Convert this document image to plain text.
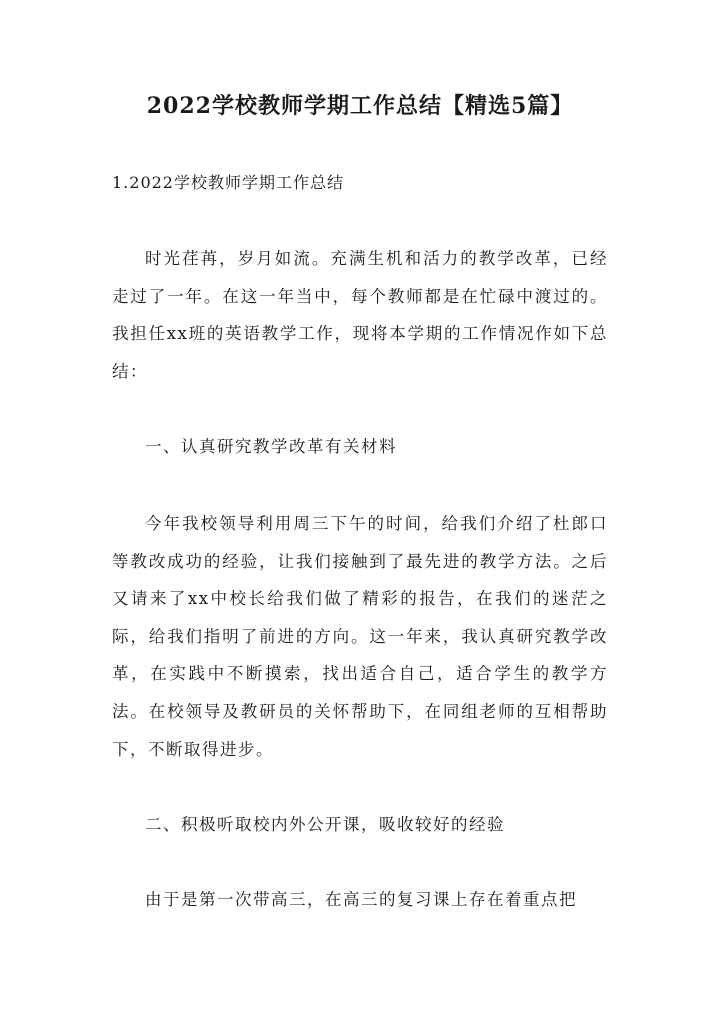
2022学校教师学期工作总结【精选5篇】

1.2022学校教师学期工作总结

时光荏苒，岁月如流。充满生机和活力的教学改革，已经走过了一年。在这一年当中，每个教师都是在忙碌中渡过的。我担任xx班的英语教学工作，现将本学期的工作情况作如下总结：

一、认真研究教学改革有关材料

今年我校领导利用周三下午的时间，给我们介绍了杜郎口等教改成功的经验，让我们接触到了最先进的教学方法。之后又请来了xx中校长给我们做了精彩的报告，在我们的迷茫之际，给我们指明了前进的方向。这一年来，我认真研究教学改革，在实践中不断摸索，找出适合自己，适合学生的教学方法。在校领导及教研员的关怀帮助下，在同组老师的互相帮助下，不断取得进步。

二、积极听取校内外公开课，吸收较好的经验

由于是第一次带高三，在高三的复习课上存在着重点把
